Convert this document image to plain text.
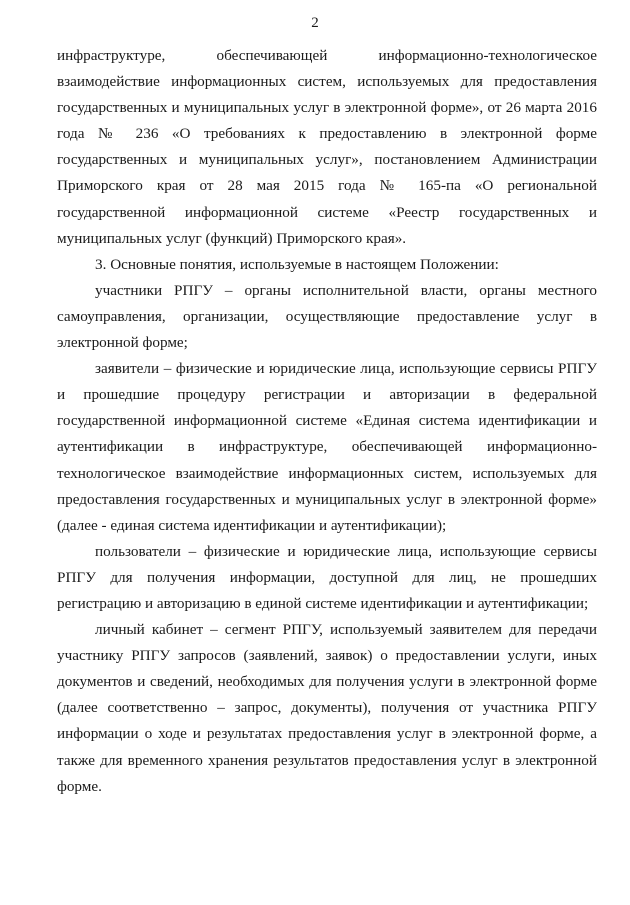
2

инфраструктуре, обеспечивающей информационно-технологическое
взаимодействие информационных систем, используемых для предоставления
государственных и муниципальных услуг в электронной форме», от 26 марта 2016
года № 236 «О требованиях к предоставлению в электронной форме
государственных и муниципальных услуг», постановлением Администрации
Приморского края от 28 мая 2015 года № 165-па «О региональной
государственной информационной системе «Реестр государственных и
муниципальных услуг (функций) Приморского края».

3. Основные понятия, используемые в настоящем Положении:

участники РПГУ – органы исполнительной власти, органы местного
самоуправления, организации, осуществляющие предоставление услуг в
электронной форме;

заявители – физические и юридические лица, использующие сервисы РПГУ
и прошедшие процедуру регистрации и авторизации в федеральной
государственной информационной системе «Единая система идентификации и
аутентификации в инфраструктуре, обеспечивающей информационно-
технологическое взаимодействие информационных систем, используемых для
предоставления государственных и муниципальных услуг в электронной форме»
(далее - единая система идентификации и аутентификации);

пользователи – физические и юридические лица, использующие сервисы
РПГУ для получения информации, доступной для лиц, не прошедших
регистрацию и авторизацию в единой системе идентификации и аутентификации;

личный кабинет – сегмент РПГУ, используемый заявителем для передачи
участнику РПГУ запросов (заявлений, заявок) о предоставлении услуги, иных
документов и сведений, необходимых для получения услуги в электронной форме
(далее соответственно – запрос, документы), получения от участника РПГУ
информации о ходе и результатах предоставления услуг в электронной форме, а
также для временного хранения результатов предоставления услуг в электронной
форме.
